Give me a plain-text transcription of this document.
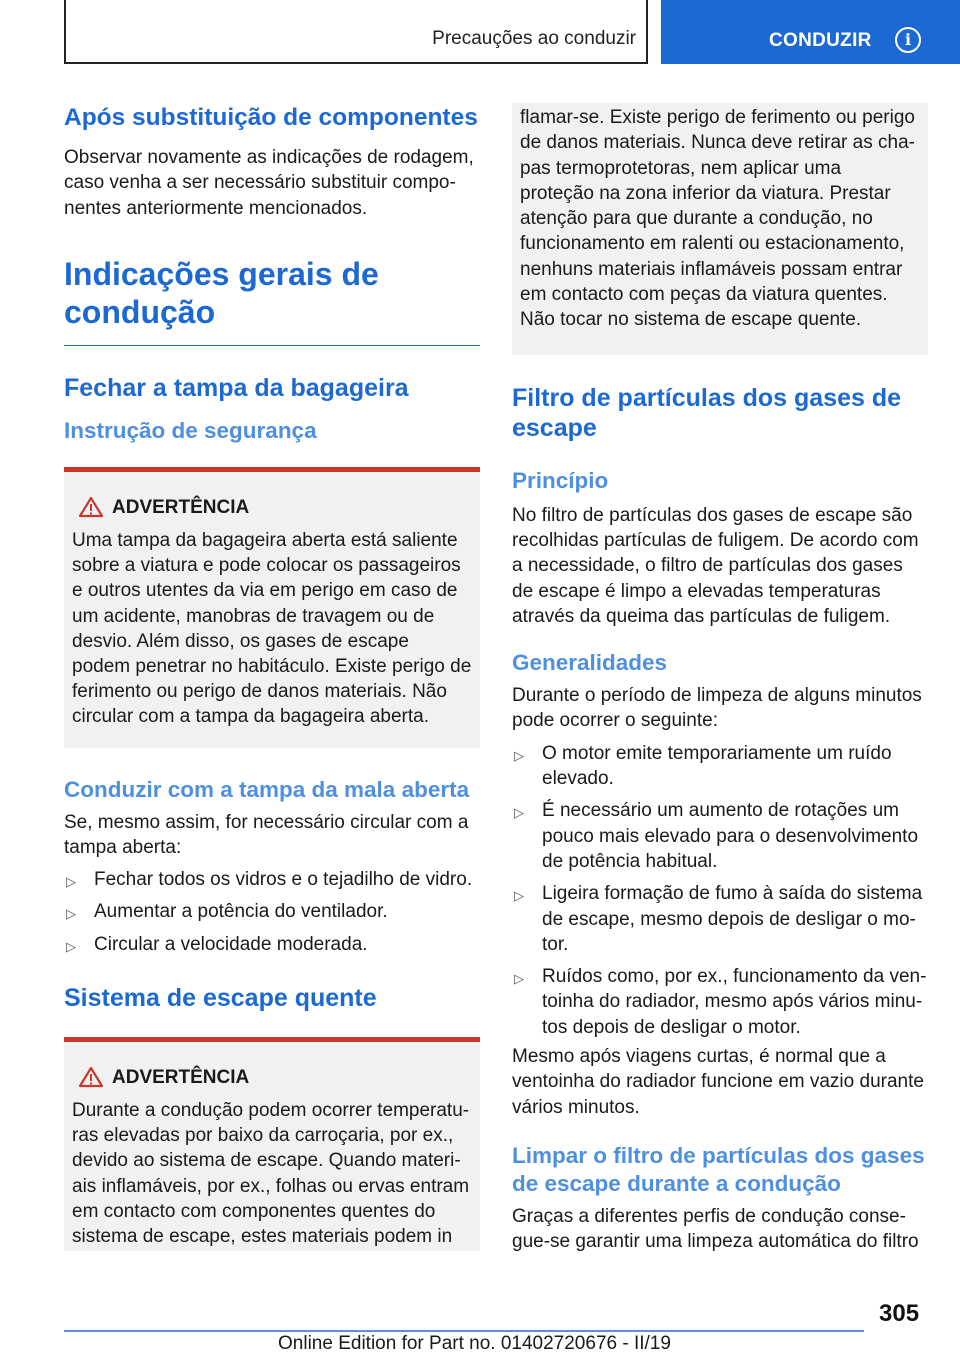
Precauções ao conduzir	CONDUZIR	i
Após substituição de componentes

Observar novamente as indicações de rodagem, caso venha a ser necessário substituir componentes anteriormente mencionados.

Indicações gerais de condução
Fechar a tampa da bagageira
Instrução de segurança
ADVERTÊNCIA

Uma tampa da bagageira aberta está saliente sobre a viatura e pode colocar os passageiros e outros utentes da via em perigo em caso de um acidente, manobras de travagem ou de desvio. Além disso, os gases de escape podem penetrar no habitáculo. Existe perigo de ferimento ou perigo de danos materiais. Não circular com a tampa da bagageira aberta.

Conduzir com a tampa da mala aberta

Se, mesmo assim, for necessário circular com a tampa aberta:

▷ Fechar todos os vidros e o tejadilho de vidro.
▷ Aumentar a potência do ventilador.
▷ Circular a velocidade moderada.
Sistema de escape quente
ADVERTÊNCIA

Durante a condução podem ocorrer temperaturas elevadas por baixo da carroçaria, por ex., devido ao sistema de escape. Quando materiais inflamáveis, por ex., folhas ou ervas entram em contacto com componentes quentes do sistema de escape, estes materiais podem in

flamar-se. Existe perigo de ferimento ou perigo de danos materiais. Nunca deve retirar as chapas termoprotetoras, nem aplicar uma proteção na zona inferior da viatura. Prestar atenção para que durante a condução, no funcionamento em ralenti ou estacionamento, nenhuns materiais inflamáveis possam entrar em contacto com peças da viatura quentes. Não tocar no sistema de escape quente.

Filtro de partículas dos gases de escape
Princípio

No filtro de partículas dos gases de escape são recolhidas partículas de fuligem. De acordo com a necessidade, o filtro de partículas dos gases de escape é limpo a elevadas temperaturas através da queima das partículas de fuligem.

Generalidades

Durante o período de limpeza de alguns minutos pode ocorrer o seguinte:

▷ O motor emite temporariamente um ruído elevado.
▷ É necessário um aumento de rotações um pouco mais elevado para o desenvolvimento de potência habitual.
▷ Ligeira formação de fumo à saída do sistema de escape, mesmo depois de desligar o motor.
▷ Ruídos como, por ex., funcionamento da ventoinha do radiador, mesmo após vários minutos depois de desligar o motor.

Mesmo após viagens curtas, é normal que a ventoinha do radiador funcione em vazio durante vários minutos.

Limpar o filtro de partículas dos gases de escape durante a condução

Graças a diferentes perfis de condução consegue-se garantir uma limpeza automática do filtro

305
Online Edition for Part no. 01402720676 - II/19
